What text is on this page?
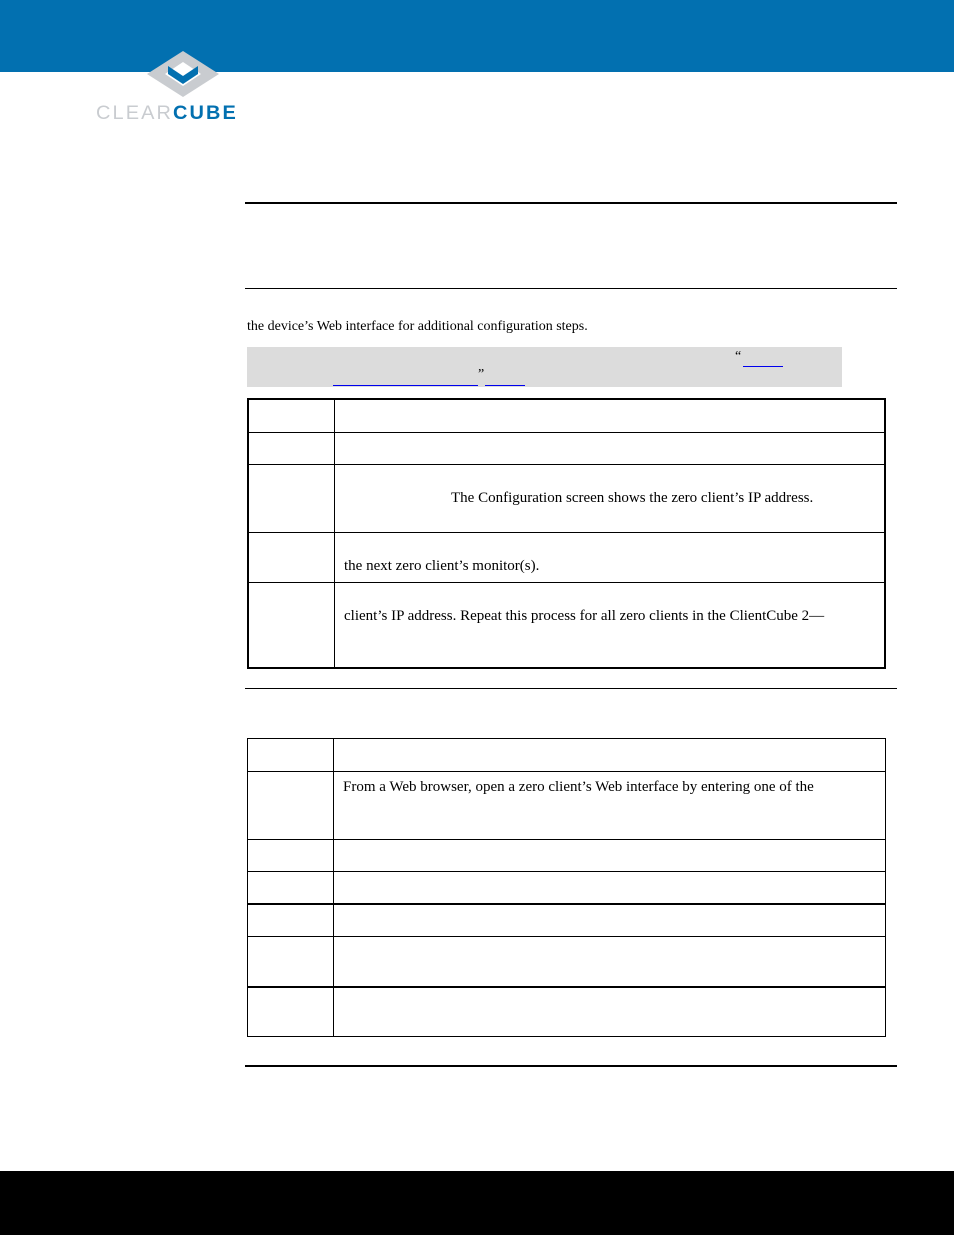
CLEARCUBE
the device’s Web interface for additional configuration steps.
“
”

	The Configuration screen shows the zero client’s IP address.

	the next zero client’s monitor(s).

	client’s IP address. Repeat this process for all zero clients in the ClientCube 2—

	From a Web browser, open a zero client’s Web interface by entering one of the
